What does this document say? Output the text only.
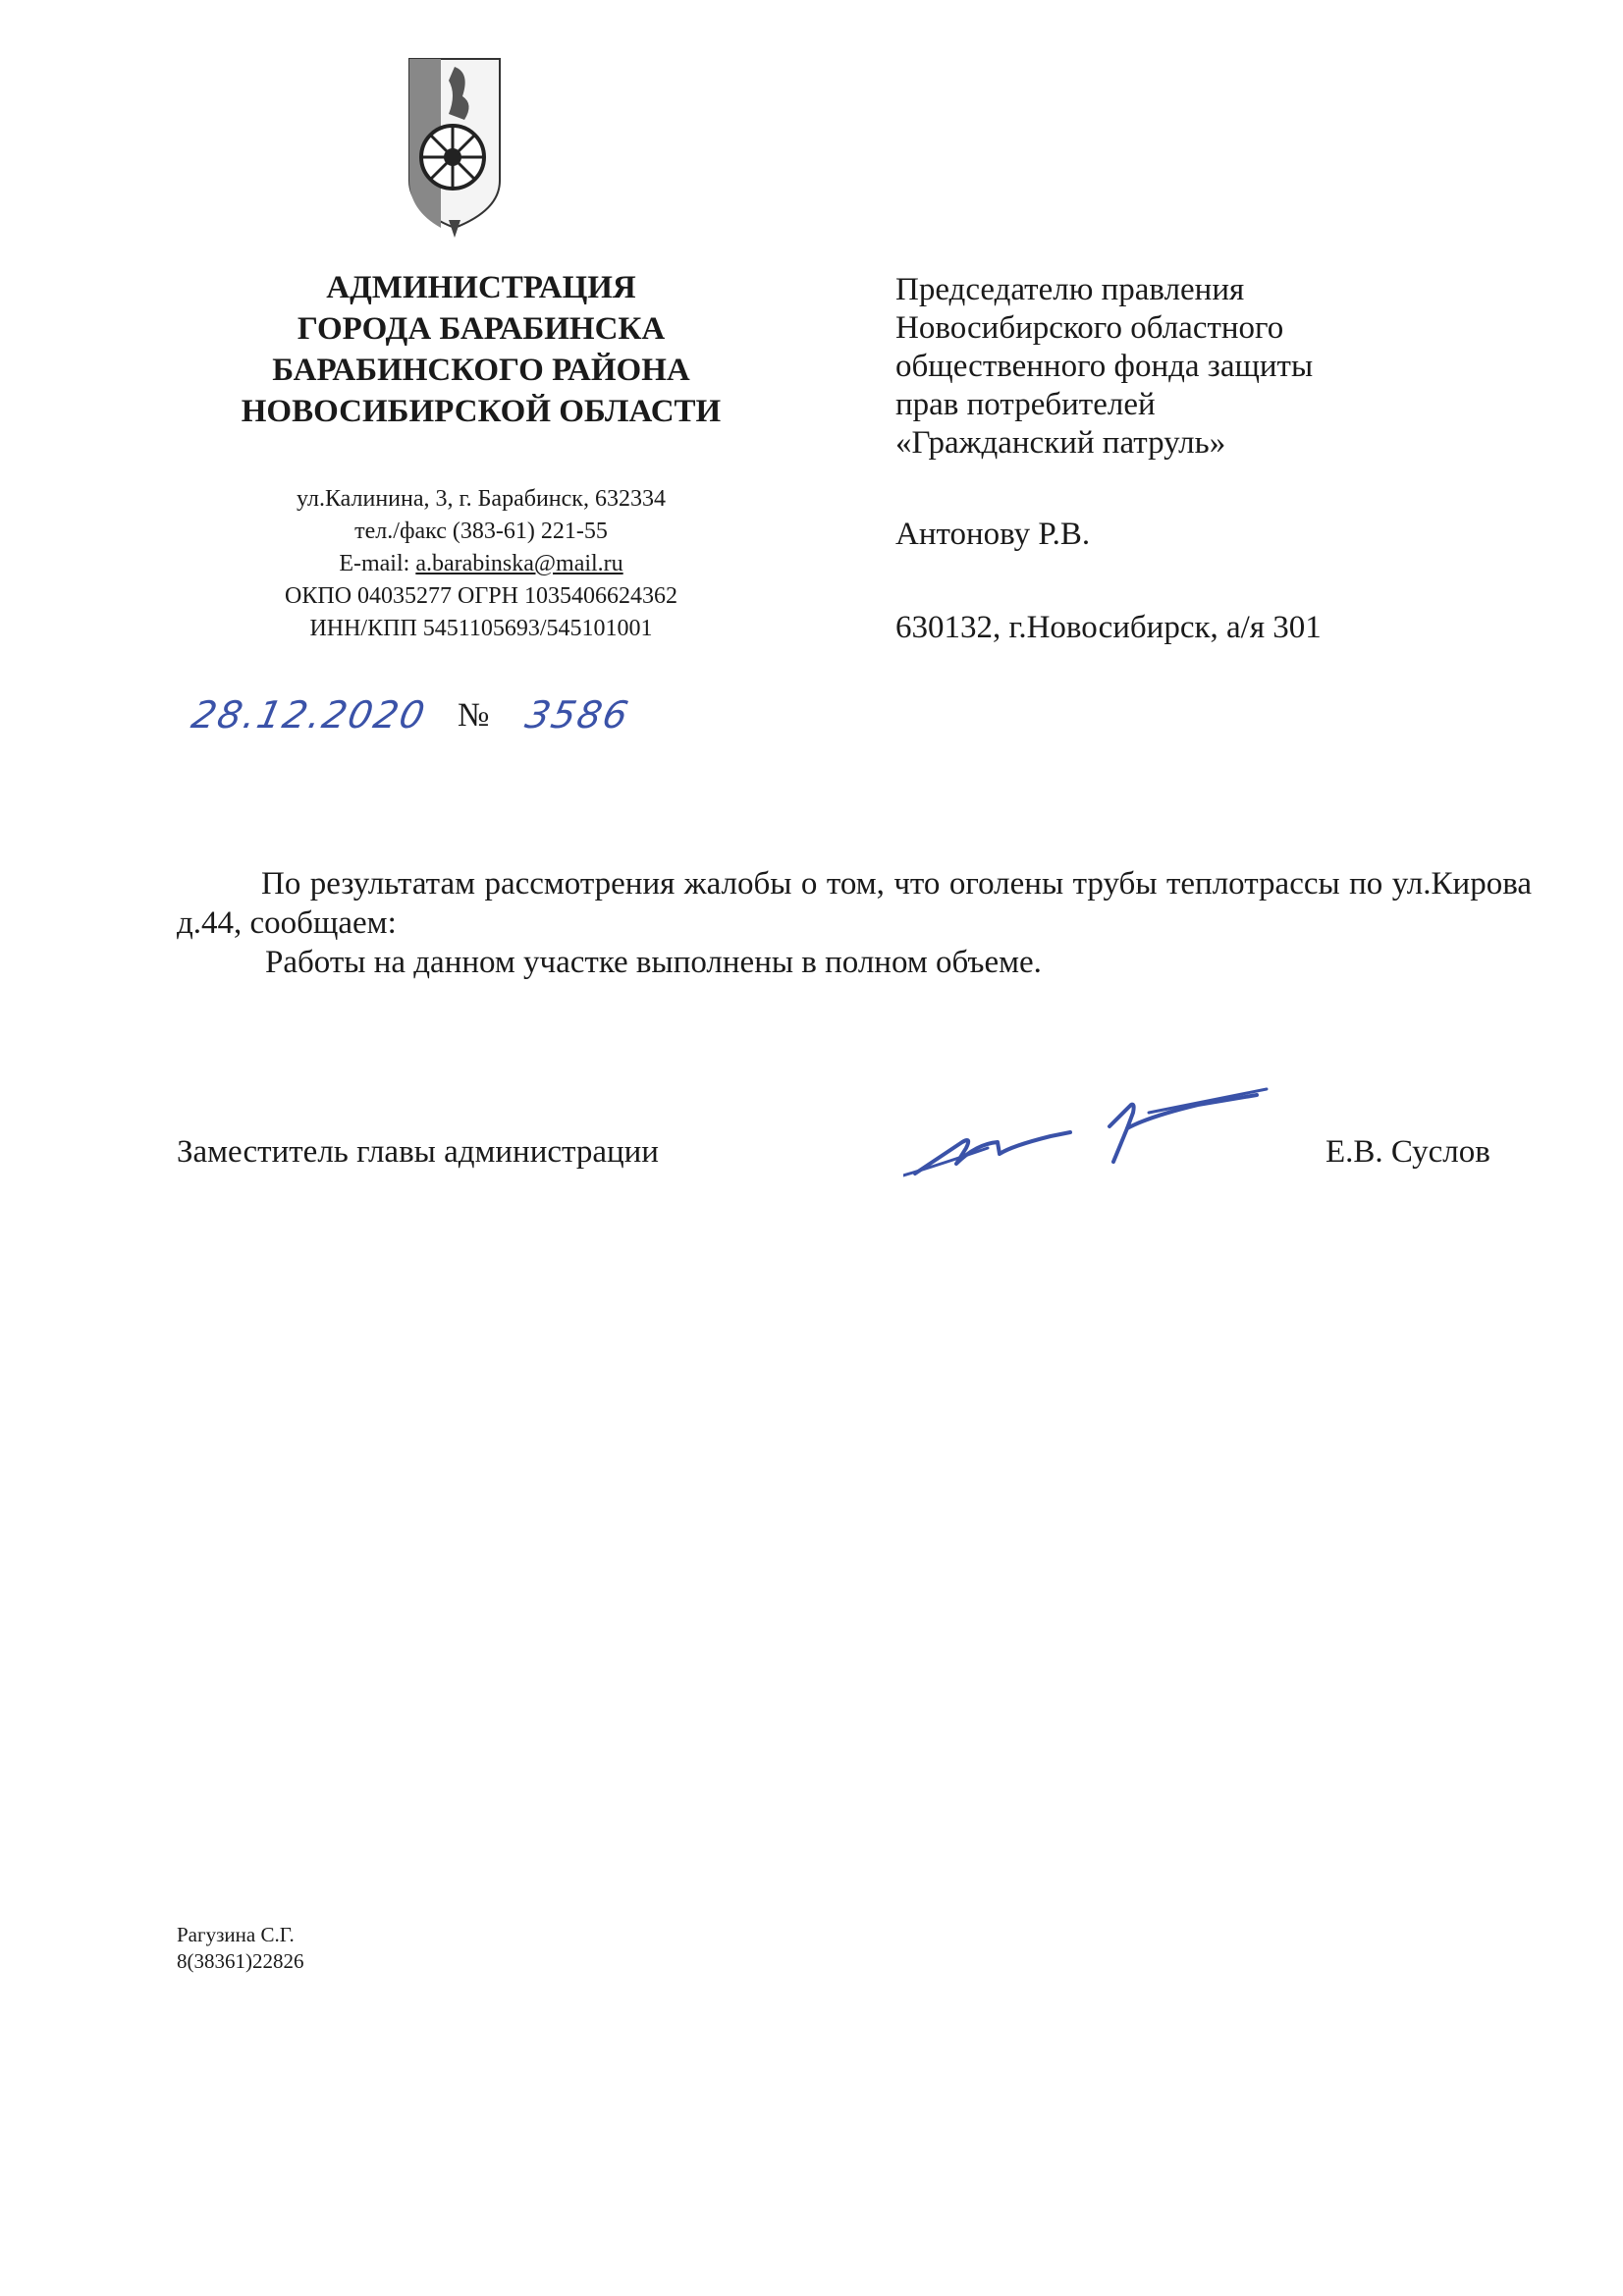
АДМИНИСТРАЦИЯ
ГОРОДА БАРАБИНСКА
БАРАБИНСКОГО РАЙОНА
НОВОСИБИРСКОЙ ОБЛАСТИ
ул.Калинина, 3, г. Барабинск, 632334
тел./факс (383-61) 221-55
E-mail: a.barabinska@mail.ru
ОКПО 04035277 ОГРН 1035406624362
ИНН/КПП 5451105693/545101001
28.12.2020 № 3586
Председателю правления
Новосибирского областного
общественного фонда защиты
прав потребителей
«Гражданский патруль»
Антонову Р.В.
630132, г.Новосибирск, а/я 301
По результатам рассмотрения жалобы о том, что оголены трубы теплотрассы по ул.Кирова д.44, сообщаем:
Работы на данном участке выполнены в полном объеме.
Заместитель главы администрации	Е.В. Суслов
Рагузина С.Г.
8(38361)22826
